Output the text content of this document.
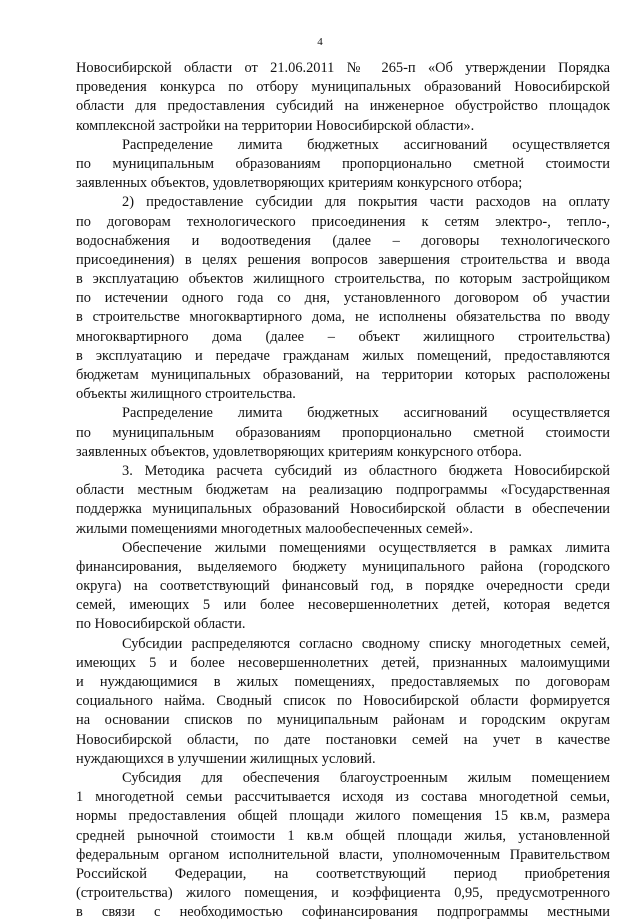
4
Новосибирской области от 21.06.2011 № 265-п «Об утверждении Порядка
проведения конкурса по отбору муниципальных образований Новосибирской
области для предоставления субсидий на инженерное обустройство площадок
комплексной застройки на территории Новосибирской области».
Распределение лимита бюджетных ассигнований осуществляется
по муниципальным образованиям пропорционально сметной стоимости
заявленных объектов, удовлетворяющих критериям конкурсного отбора;
2) предоставление субсидии для покрытия части расходов на оплату
по договорам технологического присоединения к сетям электро-, тепло-,
водоснабжения и водоотведения (далее – договоры технологического
присоединения) в целях решения вопросов завершения строительства и ввода
в эксплуатацию объектов жилищного строительства, по которым застройщиком
по истечении одного года со дня, установленного договором об участии
в строительстве многоквартирного дома, не исполнены обязательства по вводу
многоквартирного дома (далее – объект жилищного строительства)
в эксплуатацию и передаче гражданам жилых помещений, предоставляются
бюджетам муниципальных образований, на территории которых расположены
объекты жилищного строительства.
Распределение лимита бюджетных ассигнований осуществляется
по муниципальным образованиям пропорционально сметной стоимости
заявленных объектов, удовлетворяющих критериям конкурсного отбора.
3. Методика расчета субсидий из областного бюджета Новосибирской
области местным бюджетам на реализацию подпрограммы «Государственная
поддержка муниципальных образований Новосибирской области в обеспечении
жилыми помещениями многодетных малообеспеченных семей».
Обеспечение жилыми помещениями осуществляется в рамках лимита
финансирования, выделяемого бюджету муниципального района (городского
округа) на соответствующий финансовый год, в порядке очередности среди
семей, имеющих 5 или более несовершеннолетних детей, которая ведется
по Новосибирской области.
Субсидии распределяются согласно сводному списку многодетных семей,
имеющих 5 и более несовершеннолетних детей, признанных малоимущими
и нуждающимися в жилых помещениях, предоставляемых по договорам
социального найма. Сводный список по Новосибирской области формируется
на основании списков по муниципальным районам и городским округам
Новосибирской области, по дате постановки семей на учет в качестве
нуждающихся в улучшении жилищных условий.
Субсидия для обеспечения благоустроенным жилым помещением
1 многодетной семьи рассчитывается исходя из состава многодетной семьи,
нормы предоставления общей площади жилого помещения 15 кв.м, размера
средней рыночной стоимости 1 кв.м общей площади жилья, установленной
федеральным органом исполнительной власти, уполномоченным Правительством
Российской Федерации, на соответствующий период приобретения
(строительства) жилого помещения, и коэффициента 0,95, предусмотренного
в связи с необходимостью софинансирования подпрограммы местными
